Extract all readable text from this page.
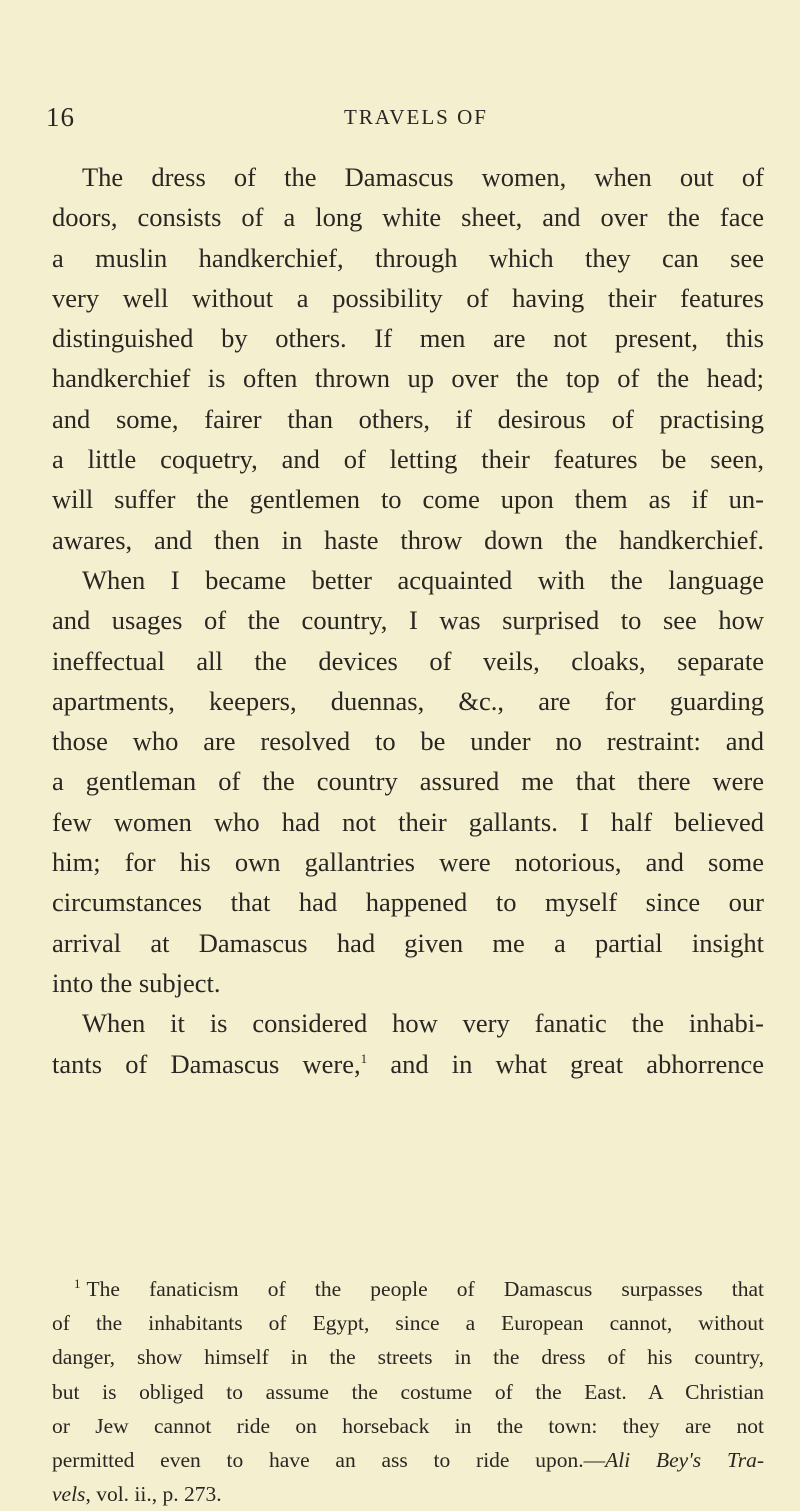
16	TRAVELS OF
The dress of the Damascus women, when out of
doors, consists of a long white sheet, and over the face
a muslin handkerchief, through which they can see
very well without a possibility of having their features
distinguished by others. If men are not present, this
handkerchief is often thrown up over the top of the head;
and some, fairer than others, if desirous of practising
a little coquetry, and of letting their features be seen,
will suffer the gentlemen to come upon them as if un-
awares, and then in haste throw down the handkerchief.
When I became better acquainted with the language
and usages of the country, I was surprised to see how
ineffectual all the devices of veils, cloaks, separate
apartments, keepers, duennas, &c., are for guarding
those who are resolved to be under no restraint: and
a gentleman of the country assured me that there were
few women who had not their gallants. I half believed
him; for his own gallantries were notorious, and some
circumstances that had happened to myself since our
arrival at Damascus had given me a partial insight
into the subject.
When it is considered how very fanatic the inhabi-
tants of Damascus were,$^1$ and in what great abhorrence
$^1$ The fanaticism of the people of Damascus surpasses that
of the inhabitants of Egypt, since a European cannot, without
danger, show himself in the streets in the dress of his country,
but is obliged to assume the costume of the East. A Christian
or Jew cannot ride on horseback in the town: they are not
permitted even to have an ass to ride upon.—Ali Bey's Tra-
vels, vol. ii., p. 273.
